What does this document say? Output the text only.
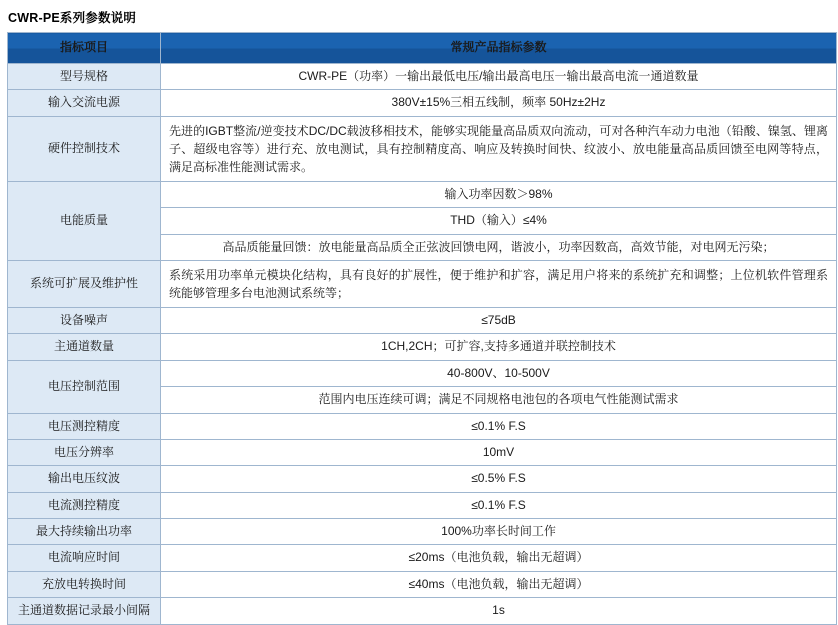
CWR-PE系列参数说明
指标项目	常规产品指标参数
型号规格	CWR-PE（功率）一输出最低电压/输出最高电压一输出最高电流一通道数量
输入交流电源	380V±15%三相五线制，频率 50Hz±2Hz
硬件控制技术	先进的IGBT整流/逆变技术DC/DC载波移相技术，能够实现能量高品质双向流动，可对各种汽车动力电池（铅酸、镍氢、锂离子、超级电容等）进行充、放电测试，具有控制精度高、响应及转换时间快、纹波小、放电能量高品质回馈至电网等特点，满足高标准性能测试需求。
电能质量	输入功率因数＞98%
	THD（输入）≤4%
	高品质能量回馈：放电能量高品质全正弦波回馈电网，谐波小，功率因数高，高效节能，对电网无污染；
系统可扩展及维护性	系统采用功率单元模块化结构，具有良好的扩展性，便于维护和扩容，满足用户将来的系统扩充和调整；上位机软件管理系统能够管理多台电池测试系统等；
设备噪声	≤75dB
主通道数量	1CH,2CH；可扩容,支持多通道并联控制技术
电压控制范围	40-800V、10-500V
	范围内电压连续可调；满足不同规格电池包的各项电气性能测试需求
电压测控精度	≤0.1% F.S
电压分辨率	10mV
输出电压纹波	≤0.5% F.S
电流测控精度	≤0.1% F.S
最大持续输出功率	100%功率长时间工作
电流响应时间	≤20ms（电池负载，输出无超调）
充放电转换时间	≤40ms（电池负载，输出无超调）
主通道数据记录最小间隔	1s
